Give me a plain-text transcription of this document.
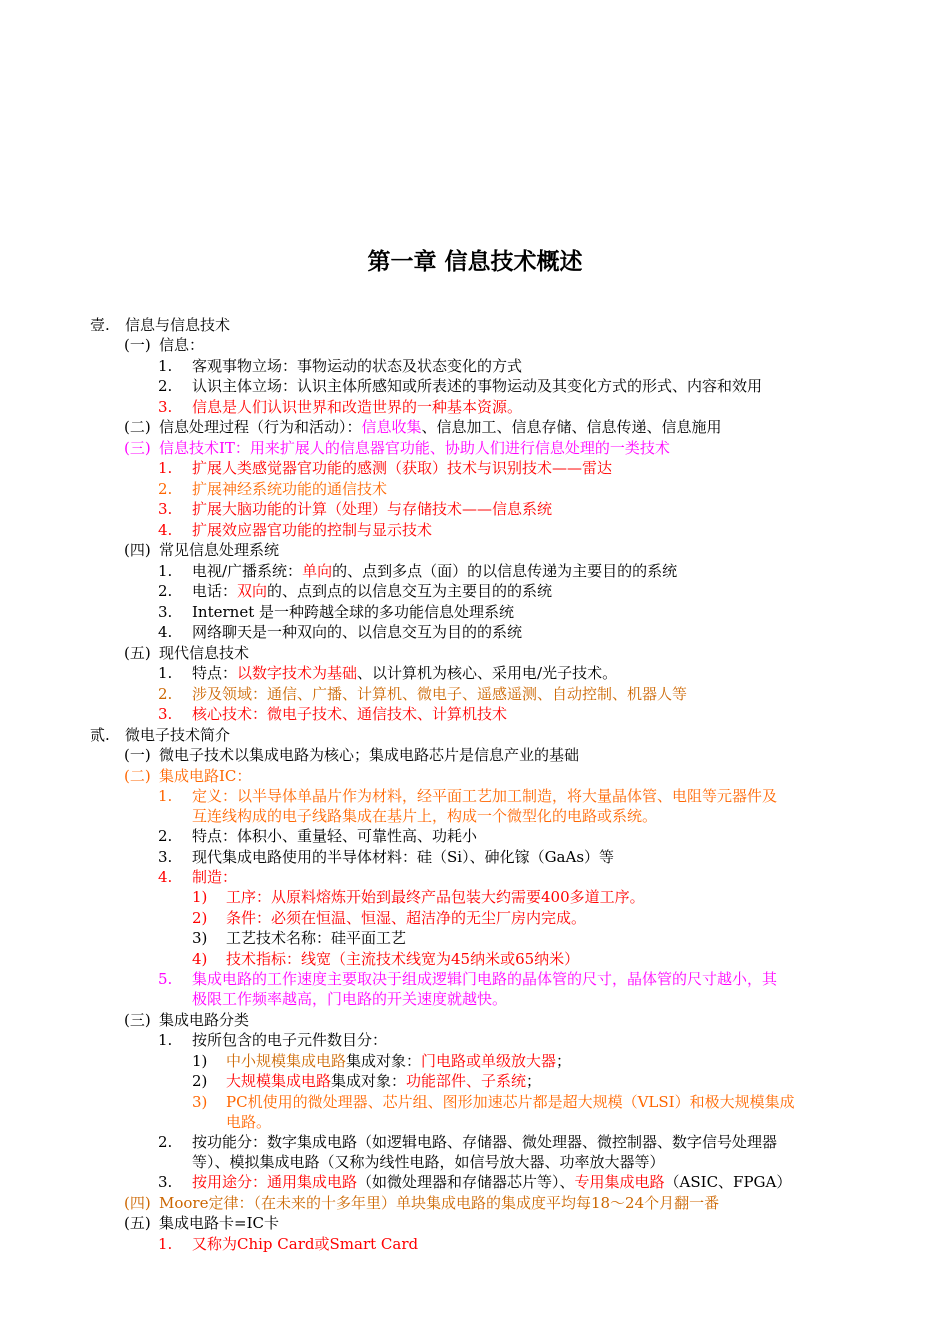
第一章 信息技术概述
壹. 信息与信息技术
(一) 信息：
1. 客观事物立场：事物运动的状态及状态变化的方式
2. 认识主体立场：认识主体所感知或所表述的事物运动及其变化方式的形式、内容和效用
3. 信息是人们认识世界和改造世界的一种基本资源。
(二) 信息处理过程（行为和活动）：信息收集、信息加工、信息存储、信息传递、信息施用
(三) 信息技术IT：用来扩展人的信息器官功能、协助人们进行信息处理的一类技术
1. 扩展人类感觉器官功能的感测（获取）技术与识别技术——雷达
2. 扩展神经系统功能的通信技术
3. 扩展大脑功能的计算（处理）与存储技术——信息系统
4. 扩展效应器官功能的控制与显示技术
(四) 常见信息处理系统
1. 电视/广播系统：单向的、点到多点（面）的以信息传递为主要目的的系统
2. 电话：双向的、点到点的以信息交互为主要目的的系统
3. Internet 是一种跨越全球的多功能信息处理系统
4. 网络聊天是一种双向的、以信息交互为目的的系统
(五) 现代信息技术
1. 特点：以数字技术为基础、以计算机为核心、采用电/光子技术。
2. 涉及领域：通信、广播、计算机、微电子、遥感遥测、自动控制、机器人等
3. 核心技术：微电子技术、通信技术、计算机技术
贰. 微电子技术简介
(一) 微电子技术以集成电路为核心；集成电路芯片是信息产业的基础
(二) 集成电路IC：
1. 定义：以半导体单晶片作为材料，经平面工艺加工制造，将大量晶体管、电阻等元器件及
互连线构成的电子线路集成在基片上，构成一个微型化的电路或系统。
2. 特点：体积小、重量轻、可靠性高、功耗小
3. 现代集成电路使用的半导体材料：硅（Si）、砷化镓（GaAs）等
4. 制造：
1) 工序：从原料熔炼开始到最终产品包装大约需要400多道工序。
2) 条件：必须在恒温、恒湿、超洁净的无尘厂房内完成。
3) 工艺技术名称：硅平面工艺
4) 技术指标：线宽（主流技术线宽为45纳米或65纳米）
5. 集成电路的工作速度主要取决于组成逻辑门电路的晶体管的尺寸，晶体管的尺寸越小，其
极限工作频率越高，门电路的开关速度就越快。
(三) 集成电路分类
1. 按所包含的电子元件数目分：
1) 中小规模集成电路集成对象：门电路或单级放大器；
2) 大规模集成电路集成对象：功能部件、子系统；
3) PC机使用的微处理器、芯片组、图形加速芯片都是超大规模（VLSI）和极大规模集成
电路。
2. 按功能分：数字集成电路（如逻辑电路、存储器、微处理器、微控制器、数字信号处理器
等）、模拟集成电路（又称为线性电路，如信号放大器、功率放大器等）
3. 按用途分：通用集成电路（如微处理器和存储器芯片等）、专用集成电路（ASIC、FPGA）
(四) Moore定律：（在未来的十多年里）单块集成电路的集成度平均每18～24个月翻一番
(五) 集成电路卡=IC卡
1. 又称为Chip Card或Smart Card
